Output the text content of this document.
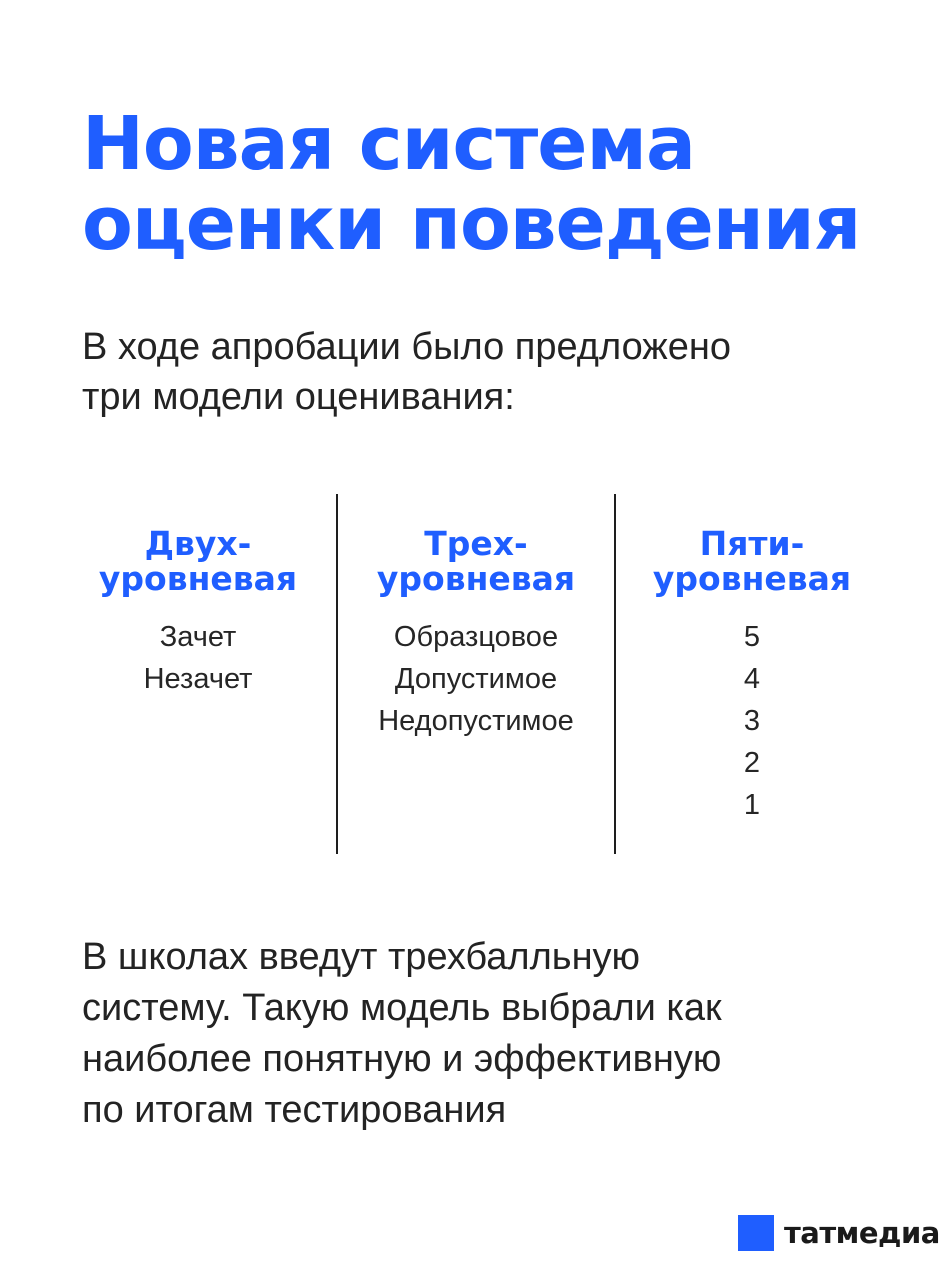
Новая система
оценки поведения

В ходе апробации было предложено
три модели оценивания:

Двух-
уровневая
Зачет
Незачет
Трех-
уровневая
Образцовое
Допустимое
Недопустимое
Пяти-
уровневая
5
4
3
2
1

В школах введут трехбалльную
систему. Такую модель выбрали как
наиболее понятную и эффективную
по итогам тестирования

татмедиа
